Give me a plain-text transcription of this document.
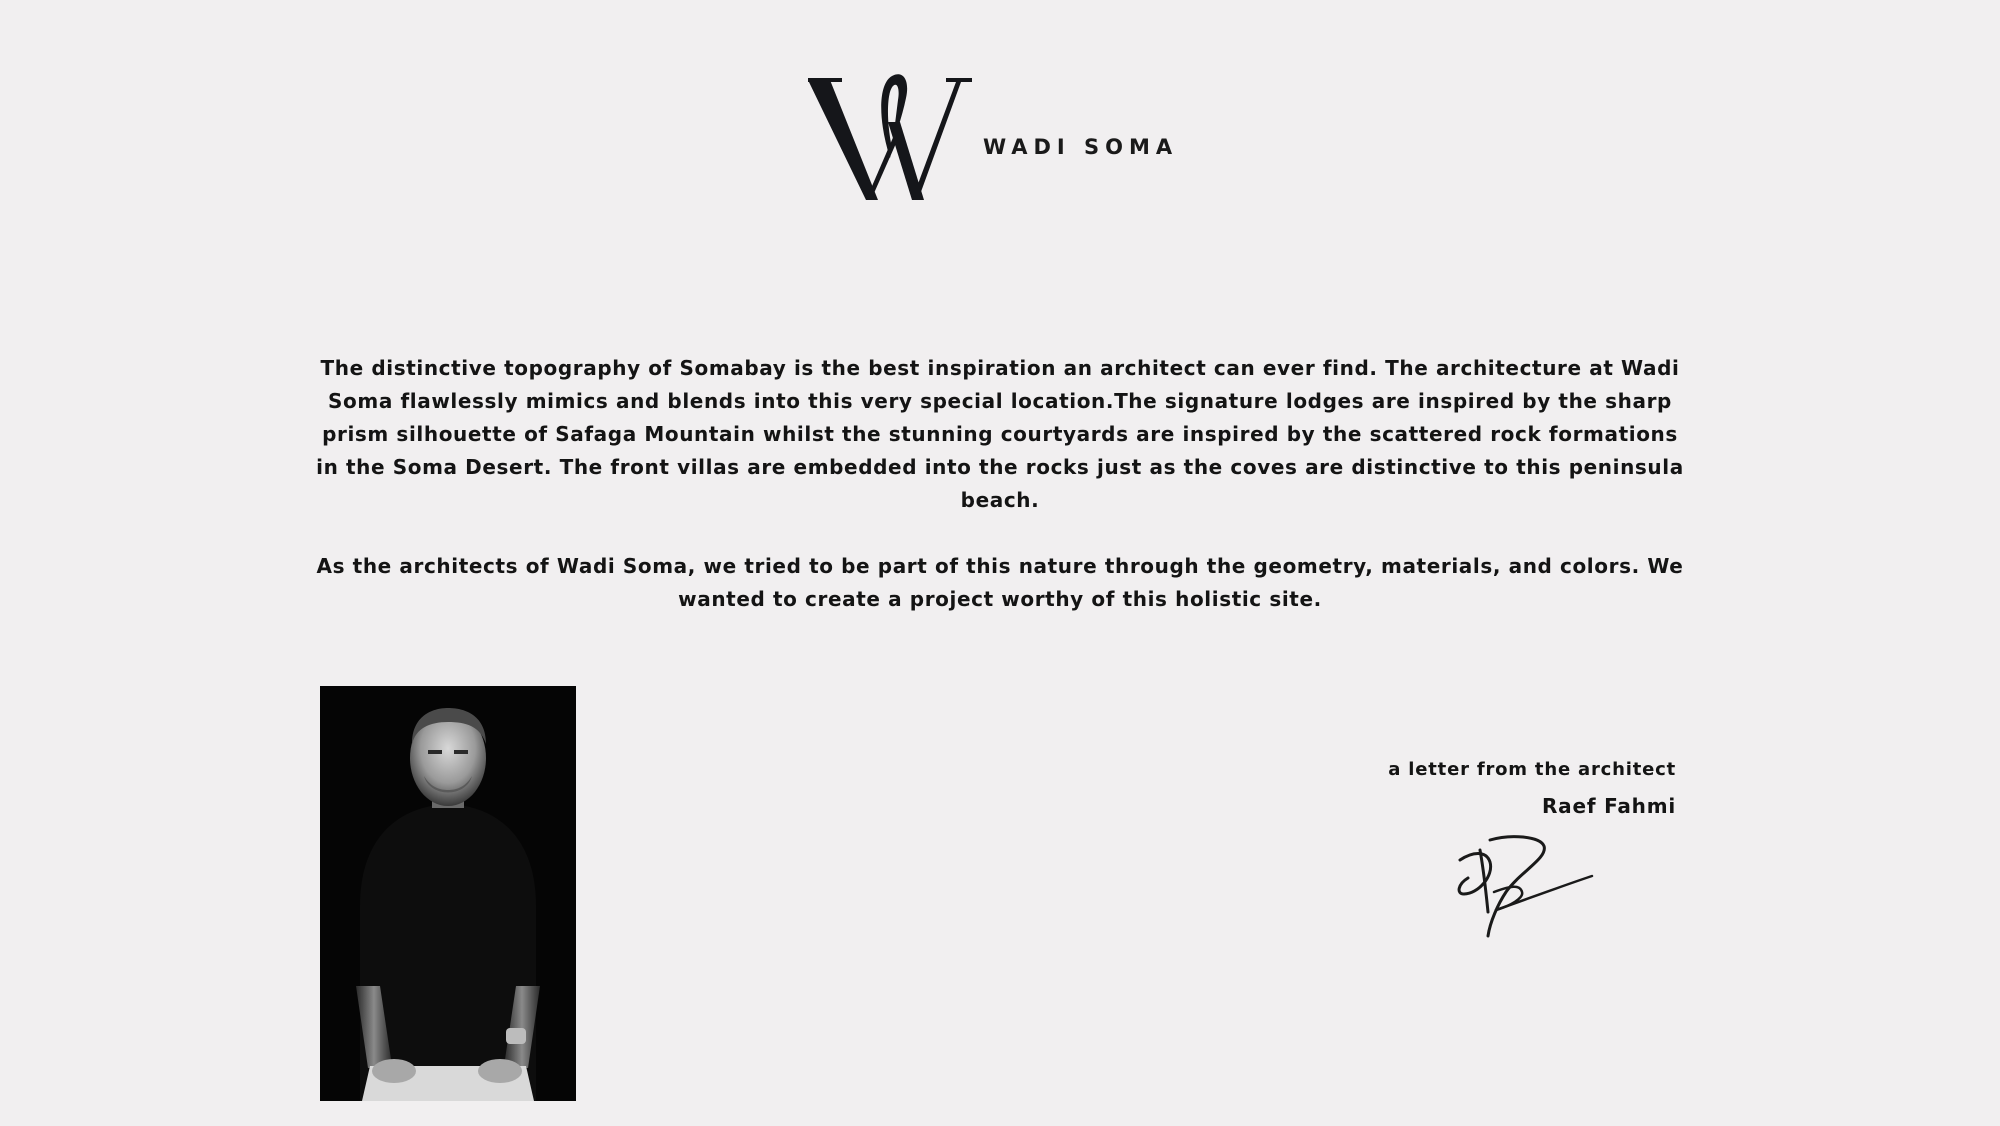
WADI SOMA

The distinctive topography of Somabay is the best inspiration an architect can ever find. The architecture at Wadi Soma flawlessly mimics and blends into this very special location.The signature lodges are inspired by the sharp prism silhouette of Safaga Mountain whilst the stunning courtyards are inspired by the scattered rock formations in the Soma Desert. The front villas are embedded into the rocks just as the coves are distinctive to this peninsula beach.

As the architects of Wadi Soma, we tried to be part of this nature through the geometry, materials, and colors. We wanted to create a project worthy of this holistic site.

a letter from the architect
Raef Fahmi
